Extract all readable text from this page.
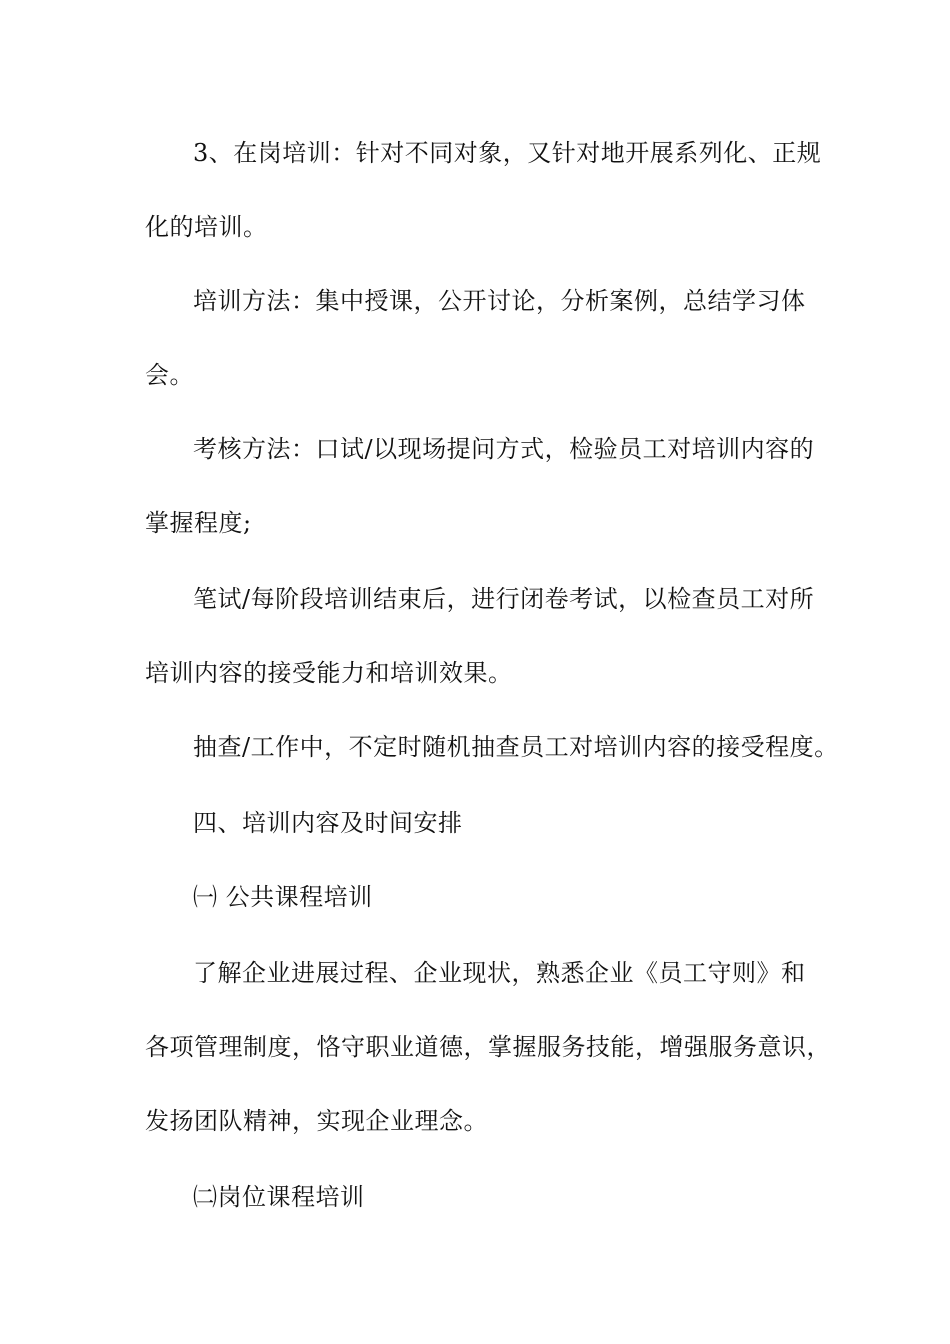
3、在岗培训：针对不同对象，又针对地开展系列化、正规
化的培训。
培训方法：集中授课，公开讨论，分析案例，总结学习体
会。
考核方法：口试/以现场提问方式，检验员工对培训内容的
掌握程度;
笔试/每阶段培训结束后，进行闭卷考试，以检查员工对所
培训内容的接受能力和培训效果。
抽查/工作中，不定时随机抽查员工对培训内容的接受程度。
四、培训内容及时间安排
㈠ 公共课程培训
了解企业进展过程、企业现状，熟悉企业《员工守则》和
各项管理制度，恪守职业道德，掌握服务技能，增强服务意识，
发扬团队精神，实现企业理念。
㈡岗位课程培训
